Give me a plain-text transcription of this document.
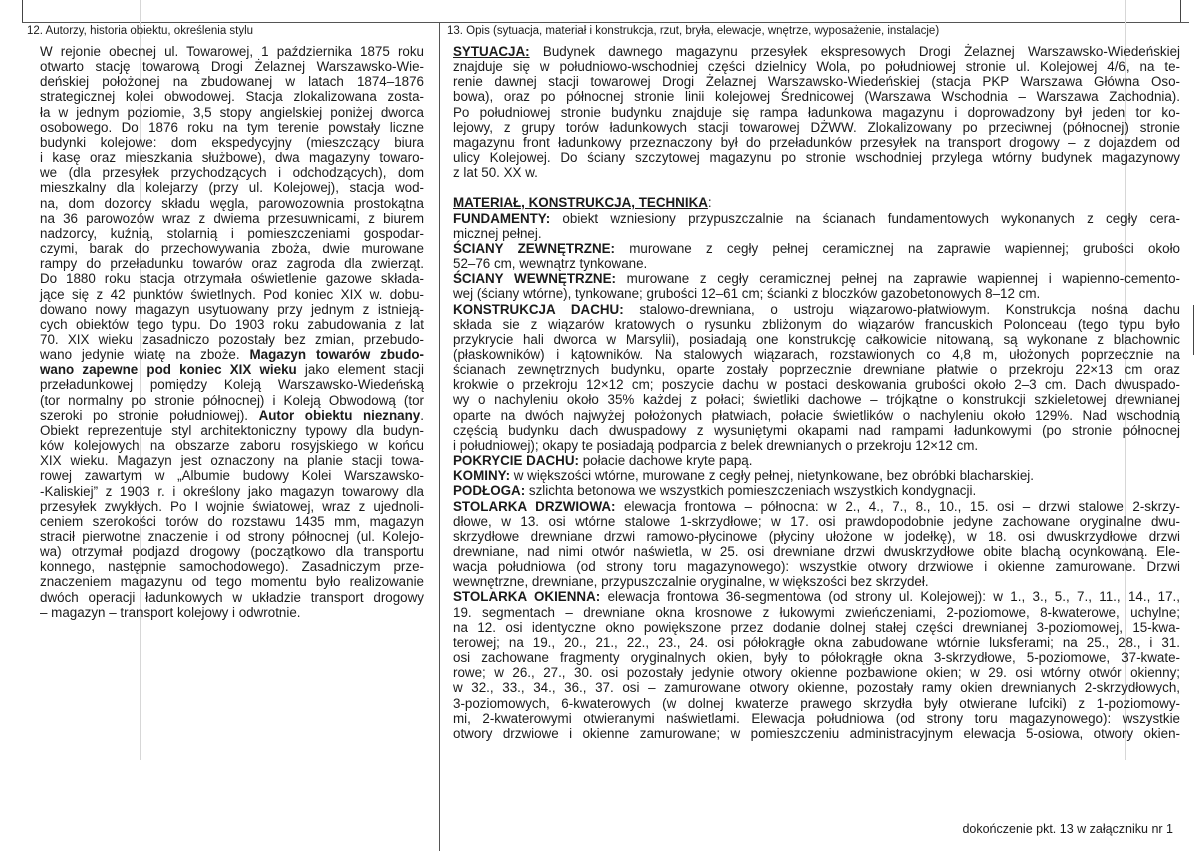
12. Autorzy, historia obiektu, określenia stylu	13. Opis (sytuacja, materiał i konstrukcja, rzut, bryła, elewacje, wnętrze, wyposażenie, instalacje)
W rejonie obecnej ul. Towarowej, 1 października 1875 roku
otwarto stację towarową Drogi Żelaznej Warszawsko-Wie-
deńskiej położonej na zbudowanej w latach 1874–1876
strategicznej kolei obwodowej. Stacja zlokalizowana zosta-
ła w jednym poziomie, 3,5 stopy angielskiej poniżej dworca
osobowego. Do 1876 roku na tym terenie powstały liczne
budynki kolejowe: dom ekspedycyjny (mieszczący biura
i kasę oraz mieszkania służbowe), dwa magazyny towaro-
we (dla przesyłek przychodzących i odchodzących), dom
mieszkalny dla kolejarzy (przy ul. Kolejowej), stacja wod-
na, dom dozorcy składu węgla, parowozownia prostokątna
na 36 parowozów wraz z dwiema przesuwnicami, z biurem
nadzorcy, kuźnią, stolarnią i pomieszczeniami gospodar-
czymi, barak do przechowywania zboża, dwie murowane
rampy do przeładunku towarów oraz zagroda dla zwierząt.
Do 1880 roku stacja otrzymała oświetlenie gazowe składa-
jące się z 42 punktów świetlnych. Pod koniec XIX w. dobu-
dowano nowy magazyn usytuowany przy jednym z istnieją-
cych obiektów tego typu. Do 1903 roku zabudowania z lat
70. XIX wieku zasadniczo pozostały bez zmian, przebudo-
wano jedynie wiatę na zboże. Magazyn towarów zbudo-
wano zapewne pod koniec XIX wieku jako element stacji
przeładunkowej pomiędzy Koleją Warszawsko-Wiedeńską
(tor normalny po stronie północnej) i Koleją Obwodową (tor
szeroki po stronie południowej). Autor obiektu nieznany.
Obiekt reprezentuje styl architektoniczny typowy dla budyn-
ków kolejowych na obszarze zaboru rosyjskiego w końcu
XIX wieku. Magazyn jest oznaczony na planie stacji towa-
rowej zawartym w „Albumie budowy Kolei Warszawsko-
-Kaliskiej” z 1903 r. i określony jako magazyn towarowy dla
przesyłek zwykłych. Po I wojnie światowej, wraz z ujednoli-
ceniem szerokości torów do rozstawu 1435 mm, magazyn
stracił pierwotne znaczenie i od strony północnej (ul. Kolejo-
wa) otrzymał podjazd drogowy (początkowo dla transportu
konnego, następnie samochodowego). Zasadniczym prze-
znaczeniem magazynu od tego momentu było realizowanie
dwóch operacji ładunkowych w układzie transport drogowy
– magazyn – transport kolejowy i odwrotnie.
SYTUACJA: Budynek dawnego magazynu przesyłek ekspresowych Drogi Żelaznej Warszawsko-Wiedeńskiej
znajduje się w południowo-wschodniej części dzielnicy Wola, po południowej stronie ul. Kolejowej 4/6, na te-
renie dawnej stacji towarowej Drogi Żelaznej Warszawsko-Wiedeńskiej (stacja PKP Warszawa Główna Oso-
bowa), oraz po północnej stronie linii kolejowej Średnicowej (Warszawa Wschodnia – Warszawa Zachodnia).
Po południowej stronie budynku znajduje się rampa ładunkowa magazynu i doprowadzony był jeden tor ko-
lejowy, z grupy torów ładunkowych stacji towarowej DŻWW. Zlokalizowany po przeciwnej (północnej) stronie
magazynu front ładunkowy przeznaczony był do przeładunków przesyłek na transport drogowy – z dojazdem od
ulicy Kolejowej. Do ściany szczytowej magazynu po stronie wschodniej przylega wtórny budynek magazynowy
z lat 50. XX w.
MATERIAŁ, KONSTRUKCJA, TECHNIKA:
FUNDAMENTY: obiekt wzniesiony przypuszczalnie na ścianach fundamentowych wykonanych z cegły cera-
micznej pełnej.
ŚCIANY ZEWNĘTRZNE: murowane z cegły pełnej ceramicznej na zaprawie wapiennej; grubości około
52–76 cm, wewnątrz tynkowane.
ŚCIANY WEWNĘTRZNE: murowane z cegły ceramicznej pełnej na zaprawie wapiennej i wapienno-cemento-
wej (ściany wtórne), tynkowane; grubości 12–61 cm; ścianki z bloczków gazobetonowych 8–12 cm.
KONSTRUKCJA DACHU: stalowo-drewniana, o ustroju wiązarowo-płatwiowym. Konstrukcja nośna dachu
składa sie z wiązarów kratowych o rysunku zbliżonym do wiązarów francuskich Polonceau (tego typu było
przykrycie hali dworca w Marsylii), posiadają one konstrukcję całkowicie nitowaną, są wykonane z blachownic
(płaskowników) i kątowników. Na stalowych wiązarach, rozstawionych co 4,8 m, ułożonych poprzecznie na
ścianach zewnętrznych budynku, oparte zostały poprzecznie drewniane płatwie o przekroju 22×13 cm oraz
krokwie o przekroju 12×12 cm; poszycie dachu w postaci deskowania grubości około 2–3 cm. Dach dwuspado-
wy o nachyleniu około 35% każdej z połaci; świetliki dachowe – trójkątne o konstrukcji szkieletowej drewnianej
oparte na dwóch najwyżej położonych płatwiach, połacie świetlików o nachyleniu około 129%. Nad wschodnią
częścią budynku dach dwuspadowy z wysuniętymi okapami nad rampami ładunkowymi (po stronie północnej
i południowej); okapy te posiadają podparcia z belek drewnianych o przekroju 12×12 cm.
POKRYCIE DACHU: połacie dachowe kryte papą.
KOMINY: w większości wtórne, murowane z cegły pełnej, nietynkowane, bez obróbki blacharskiej.
PODŁOGA: szlichta betonowa we wszystkich pomieszczeniach wszystkich kondygnacji.
STOLARKA DRZWIOWA: elewacja frontowa – północna: w 2., 4., 7., 8., 10., 15. osi – drzwi stalowe 2-skrzy-
dłowe, w 13. osi wtórne stalowe 1-skrzydłowe; w 17. osi prawdopodobnie jedyne zachowane oryginalne dwu-
skrzydłowe drewniane drzwi ramowo-płycinowe (płyciny ułożone w jodełkę), w 18. osi dwuskrzydłowe drzwi
drewniane, nad nimi otwór naświetla, w 25. osi drewniane drzwi dwuskrzydłowe obite blachą ocynkowaną. Ele-
wacja południowa (od strony toru magazynowego): wszystkie otwory drzwiowe i okienne zamurowane. Drzwi
wewnętrzne, drewniane, przypuszczalnie oryginalne, w większości bez skrzydeł.
STOLARKA OKIENNA: elewacja frontowa 36-segmentowa (od strony ul. Kolejowej): w 1., 3., 5., 7., 11., 14., 17.,
19. segmentach – drewniane okna krosnowe z łukowymi zwieńczeniami, 2-poziomowe, 8-kwaterowe, uchylne;
na 12. osi identyczne okno powiększone przez dodanie dolnej stałej części drewnianej 3-poziomowej, 15-kwa-
terowej; na 19., 20., 21., 22., 23., 24. osi półokrągłe okna zabudowane wtórnie luksferami; na 25., 28., i 31.
osi zachowane fragmenty oryginalnych okien, były to półokrągłe okna 3-skrzydłowe, 5-poziomowe, 37-kwate-
rowe; w 26., 27., 30. osi pozostały jedynie otwory okienne pozbawione okien; w 29. osi wtórny otwór okienny;
w 32., 33., 34., 36., 37. osi – zamurowane otwory okienne, pozostały ramy okien drewnianych 2-skrzydłowych,
3-poziomowych, 6-kwaterowych (w dolnej kwaterze prawego skrzydła były otwierane lufciki) z 1-poziomowy-
mi, 2-kwaterowymi otwieranymi naświetlami. Elewacja południowa (od strony toru magazynowego): wszystkie
otwory drzwiowe i okienne zamurowane; w pomieszczeniu administracyjnym elewacja 5-osiowa, otwory okien-
dokończenie pkt. 13 w załączniku nr 1
